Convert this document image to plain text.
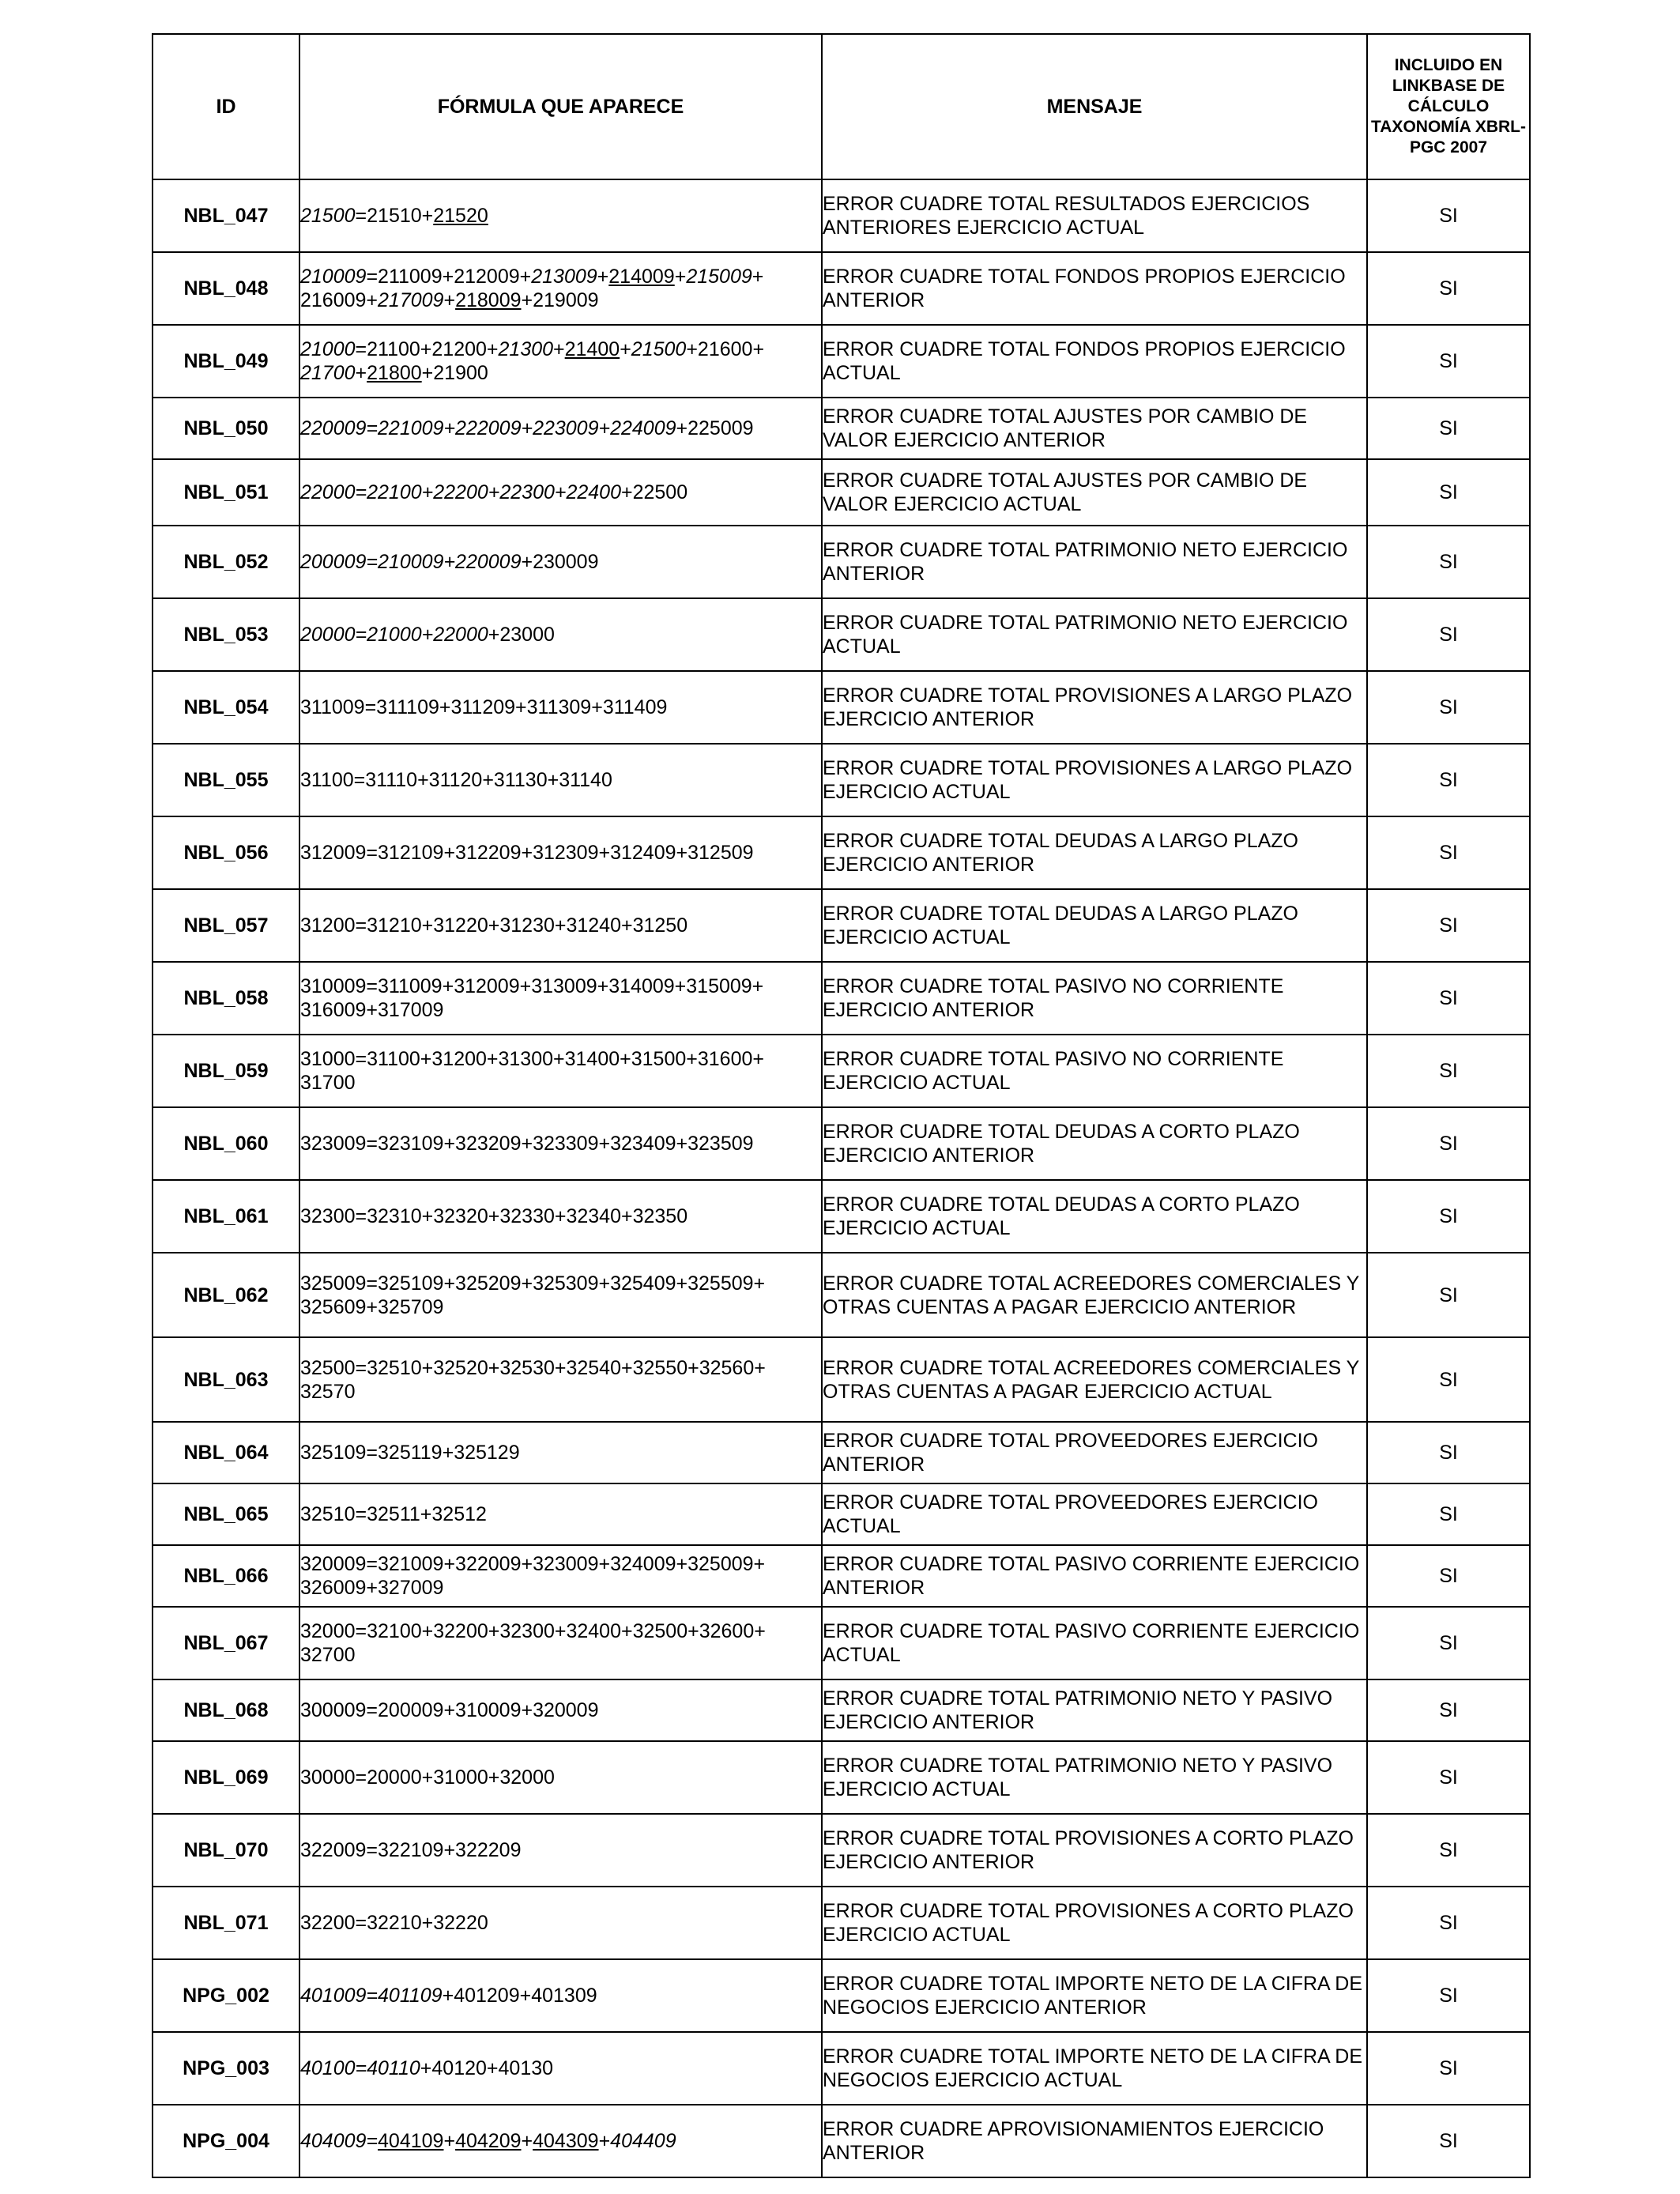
ID	FÓRMULA QUE APARECE	MENSAJE	INCLUIDO EN LINKBASE DE CÁLCULO TAXONOMÍA XBRL-PGC 2007
NBL_047	21500=21510+21520	ERROR CUADRE TOTAL RESULTADOS EJERCICIOS ANTERIORES EJERCICIO ACTUAL	SI
NBL_048	210009=211009+212009+213009+214009+215009+ 216009+217009+218009+219009	ERROR CUADRE TOTAL FONDOS PROPIOS EJERCICIO ANTERIOR	SI
NBL_049	21000=21100+21200+21300+21400+21500+21600+ 21700+21800+21900	ERROR CUADRE TOTAL FONDOS PROPIOS EJERCICIO ACTUAL	SI
NBL_050	220009=221009+222009+223009+224009+225009	ERROR CUADRE TOTAL AJUSTES POR CAMBIO DE VALOR EJERCICIO ANTERIOR	SI
NBL_051	22000=22100+22200+22300+22400+22500	ERROR CUADRE TOTAL AJUSTES POR CAMBIO DE VALOR EJERCICIO ACTUAL	SI
NBL_052	200009=210009+220009+230009	ERROR CUADRE TOTAL PATRIMONIO NETO EJERCICIO ANTERIOR	SI
NBL_053	20000=21000+22000+23000	ERROR CUADRE TOTAL PATRIMONIO NETO EJERCICIO ACTUAL	SI
NBL_054	311009=311109+311209+311309+311409	ERROR CUADRE TOTAL PROVISIONES A LARGO PLAZO EJERCICIO ANTERIOR	SI
NBL_055	31100=31110+31120+31130+31140	ERROR CUADRE TOTAL PROVISIONES A LARGO PLAZO EJERCICIO ACTUAL	SI
NBL_056	312009=312109+312209+312309+312409+312509	ERROR CUADRE TOTAL DEUDAS A LARGO PLAZO EJERCICIO ANTERIOR	SI
NBL_057	31200=31210+31220+31230+31240+31250	ERROR CUADRE TOTAL DEUDAS A LARGO PLAZO EJERCICIO ACTUAL	SI
NBL_058	310009=311009+312009+313009+314009+315009+ 316009+317009	ERROR CUADRE TOTAL PASIVO NO CORRIENTE EJERCICIO ANTERIOR	SI
NBL_059	31000=31100+31200+31300+31400+31500+31600+ 31700	ERROR CUADRE TOTAL PASIVO NO CORRIENTE EJERCICIO ACTUAL	SI
NBL_060	323009=323109+323209+323309+323409+323509	ERROR CUADRE TOTAL DEUDAS A CORTO PLAZO EJERCICIO ANTERIOR	SI
NBL_061	32300=32310+32320+32330+32340+32350	ERROR CUADRE TOTAL DEUDAS A CORTO PLAZO EJERCICIO ACTUAL	SI
NBL_062	325009=325109+325209+325309+325409+325509+ 325609+325709	ERROR CUADRE TOTAL ACREEDORES COMERCIALES Y OTRAS CUENTAS A PAGAR EJERCICIO ANTERIOR	SI
NBL_063	32500=32510+32520+32530+32540+32550+32560+ 32570	ERROR CUADRE TOTAL ACREEDORES COMERCIALES Y OTRAS CUENTAS A PAGAR EJERCICIO ACTUAL	SI
NBL_064	325109=325119+325129	ERROR CUADRE TOTAL PROVEEDORES EJERCICIO ANTERIOR	SI
NBL_065	32510=32511+32512	ERROR CUADRE TOTAL PROVEEDORES EJERCICIO ACTUAL	SI
NBL_066	320009=321009+322009+323009+324009+325009+ 326009+327009	ERROR CUADRE TOTAL PASIVO CORRIENTE EJERCICIO ANTERIOR	SI
NBL_067	32000=32100+32200+32300+32400+32500+32600+ 32700	ERROR CUADRE TOTAL PASIVO CORRIENTE EJERCICIO ACTUAL	SI
NBL_068	300009=200009+310009+320009	ERROR CUADRE TOTAL PATRIMONIO NETO Y PASIVO EJERCICIO ANTERIOR	SI
NBL_069	30000=20000+31000+32000	ERROR CUADRE TOTAL PATRIMONIO NETO Y PASIVO EJERCICIO ACTUAL	SI
NBL_070	322009=322109+322209	ERROR CUADRE TOTAL PROVISIONES A CORTO PLAZO EJERCICIO ANTERIOR	SI
NBL_071	32200=32210+32220	ERROR CUADRE TOTAL PROVISIONES A CORTO PLAZO EJERCICIO ACTUAL	SI
NPG_002	401009=401109+401209+401309	ERROR CUADRE TOTAL IMPORTE NETO DE LA CIFRA DE NEGOCIOS EJERCICIO ANTERIOR	SI
NPG_003	40100=40110+40120+40130	ERROR CUADRE TOTAL IMPORTE NETO DE LA CIFRA DE NEGOCIOS EJERCICIO ACTUAL	SI
NPG_004	404009=404109+404209+404309+404409	ERROR CUADRE APROVISIONAMIENTOS EJERCICIO ANTERIOR	SI
